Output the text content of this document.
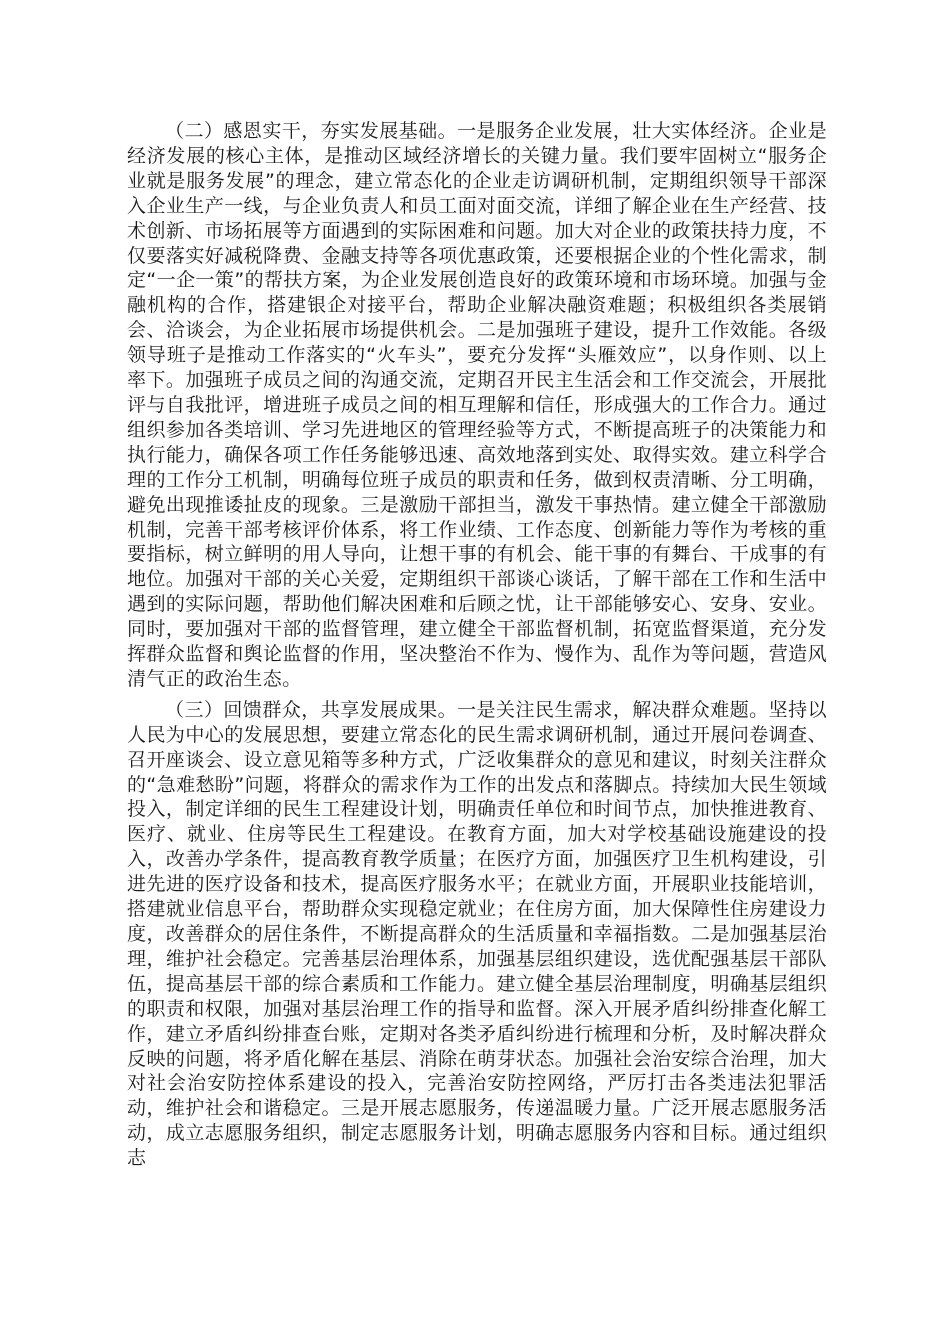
（二）感恩实干，夯实发展基础。一是服务企业发展，壮大实体经济。企业是经济发展的核心主体，是推动区域经济增长的关键力量。我们要牢固树立“服务企业就是服务发展”的理念，建立常态化的企业走访调研机制，定期组织领导干部深入企业生产一线，与企业负责人和员工面对面交流，详细了解企业在生产经营、技术创新、市场拓展等方面遇到的实际困难和问题。加大对企业的政策扶持力度，不仅要落实好减税降费、金融支持等各项优惠政策，还要根据企业的个性化需求，制定“一企一策”的帮扶方案，为企业发展创造良好的政策环境和市场环境。加强与金融机构的合作，搭建银企对接平台，帮助企业解决融资难题；积极组织各类展销会、洽谈会，为企业拓展市场提供机会。二是加强班子建设，提升工作效能。各级领导班子是推动工作落实的“火车头”，要充分发挥“头雁效应”，以身作则、以上率下。加强班子成员之间的沟通交流，定期召开民主生活会和工作交流会，开展批评与自我批评，增进班子成员之间的相互理解和信任，形成强大的工作合力。通过组织参加各类培训、学习先进地区的管理经验等方式，不断提高班子的决策能力和执行能力，确保各项工作任务能够迅速、高效地落到实处、取得实效。建立科学合理的工作分工机制，明确每位班子成员的职责和任务，做到权责清晰、分工明确，避免出现推诿扯皮的现象。三是激励干部担当，激发干事热情。建立健全干部激励机制，完善干部考核评价体系，将工作业绩、工作态度、创新能力等作为考核的重要指标，树立鲜明的用人导向，让想干事的有机会、能干事的有舞台、干成事的有地位。加强对干部的关心关爱，定期组织干部谈心谈话，了解干部在工作和生活中遇到的实际问题，帮助他们解决困难和后顾之忧，让干部能够安心、安身、安业。同时，要加强对干部的监督管理，建立健全干部监督机制，拓宽监督渠道，充分发挥群众监督和舆论监督的作用，坚决整治不作为、慢作为、乱作为等问题，营造风清气正的政治生态。

（三）回馈群众，共享发展成果。一是关注民生需求，解决群众难题。坚持以人民为中心的发展思想，要建立常态化的民生需求调研机制，通过开展问卷调查、召开座谈会、设立意见箱等多种方式，广泛收集群众的意见和建议，时刻关注群众的“急难愁盼”问题，将群众的需求作为工作的出发点和落脚点。持续加大民生领域投入，制定详细的民生工程建设计划，明确责任单位和时间节点，加快推进教育、医疗、就业、住房等民生工程建设。在教育方面，加大对学校基础设施建设的投入，改善办学条件，提高教育教学质量；在医疗方面，加强医疗卫生机构建设，引进先进的医疗设备和技术，提高医疗服务水平；在就业方面，开展职业技能培训，搭建就业信息平台，帮助群众实现稳定就业；在住房方面，加大保障性住房建设力度，改善群众的居住条件，不断提高群众的生活质量和幸福指数。二是加强基层治理，维护社会稳定。完善基层治理体系，加强基层组织建设，选优配强基层干部队伍，提高基层干部的综合素质和工作能力。建立健全基层治理制度，明确基层组织的职责和权限，加强对基层治理工作的指导和监督。深入开展矛盾纠纷排查化解工作，建立矛盾纠纷排查台账，定期对各类矛盾纠纷进行梳理和分析，及时解决群众反映的问题，将矛盾化解在基层、消除在萌芽状态。加强社会治安综合治理，加大对社会治安防控体系建设的投入，完善治安防控网络，严厉打击各类违法犯罪活动，维护社会和谐稳定。三是开展志愿服务，传递温暖力量。广泛开展志愿服务活动，成立志愿服务组织，制定志愿服务计划，明确志愿服务内容和目标。通过组织志
